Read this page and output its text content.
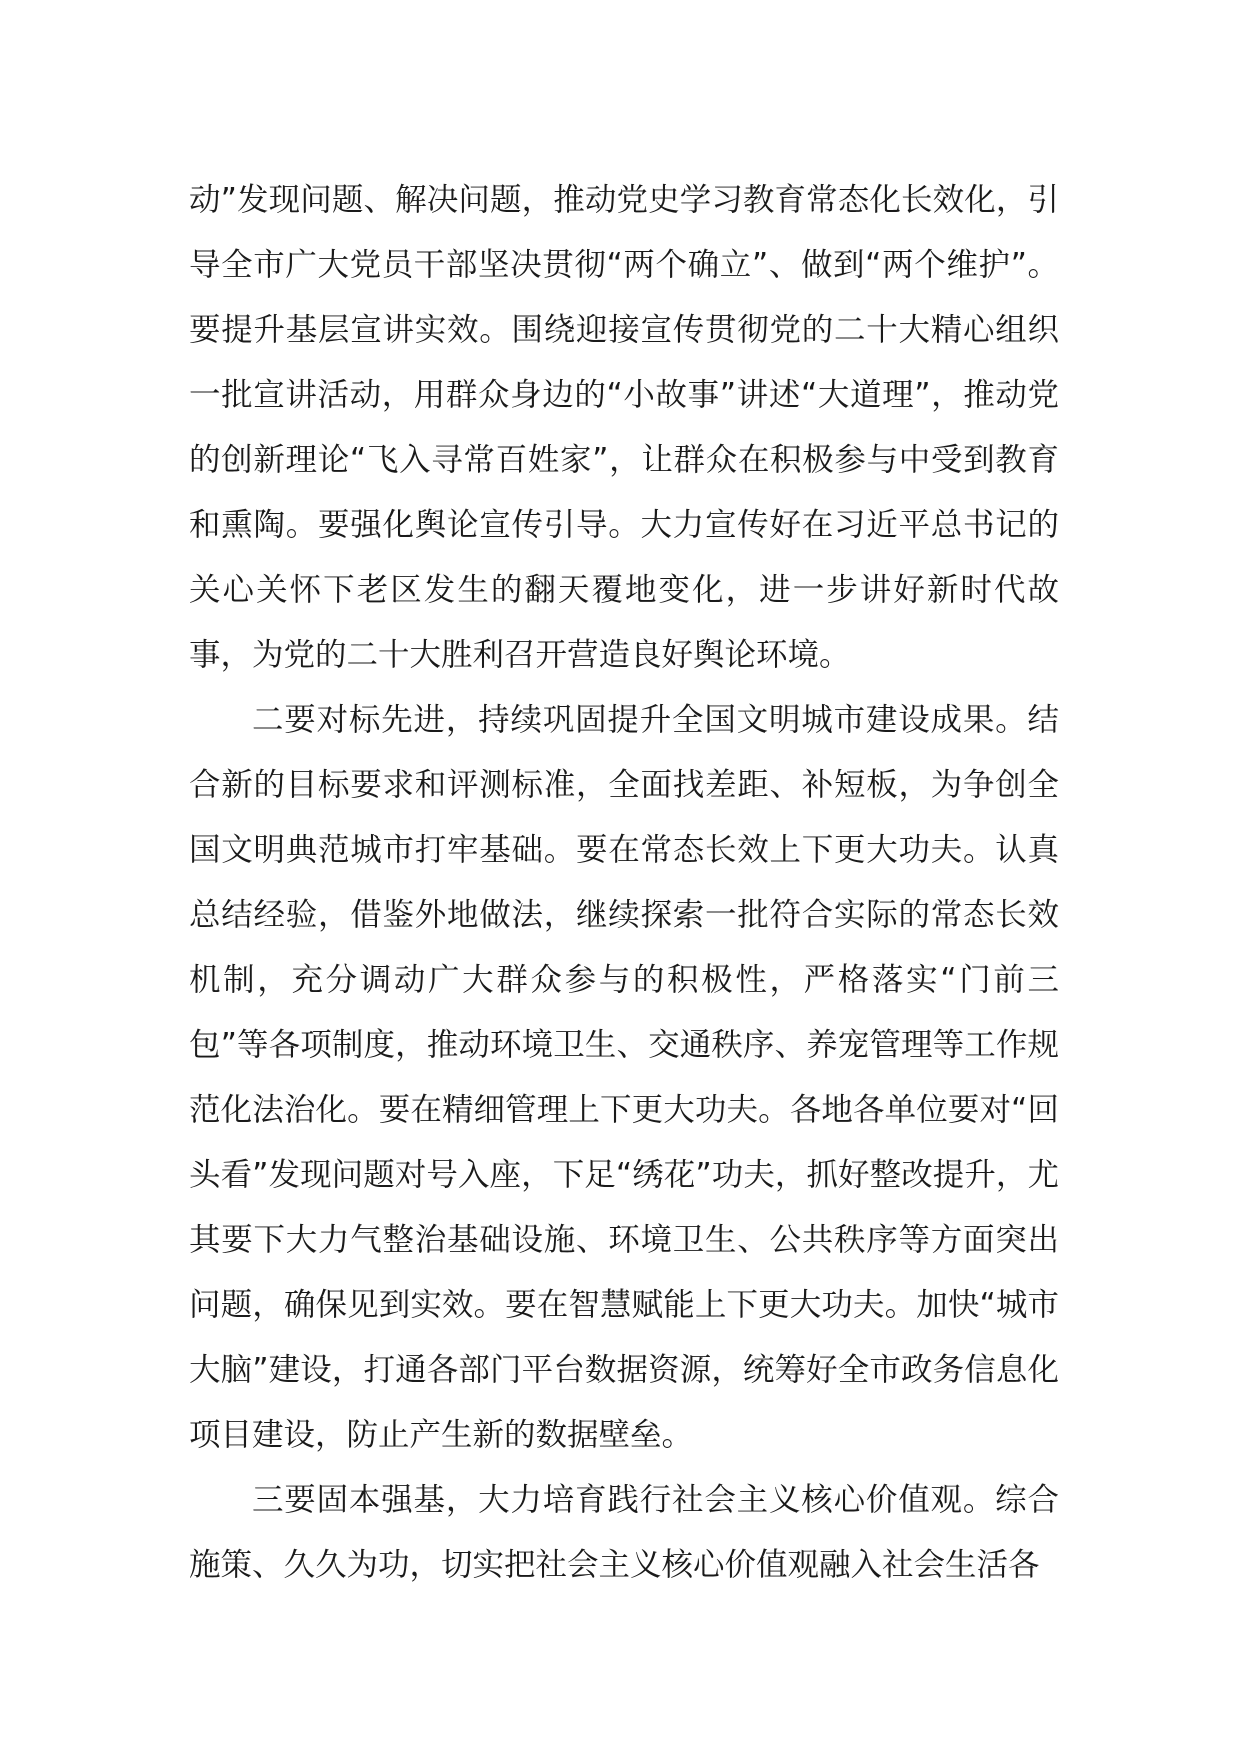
动”发现问题、解决问题，推动党史学习教育常态化长效化，引导全市广大党员干部坚决贯彻“两个确立”、做到“两个维护”。要提升基层宣讲实效。围绕迎接宣传贯彻党的二十大精心组织一批宣讲活动，用群众身边的“小故事”讲述“大道理”，推动党的创新理论“飞入寻常百姓家”，让群众在积极参与中受到教育和熏陶。要强化舆论宣传引导。大力宣传好在习近平总书记的关心关怀下老区发生的翻天覆地变化，进一步讲好新时代故事，为党的二十大胜利召开营造良好舆论环境。

二要对标先进，持续巩固提升全国文明城市建设成果。结合新的目标要求和评测标准，全面找差距、补短板，为争创全国文明典范城市打牢基础。要在常态长效上下更大功夫。认真总结经验，借鉴外地做法，继续探索一批符合实际的常态长效机制，充分调动广大群众参与的积极性，严格落实“门前三包”等各项制度，推动环境卫生、交通秩序、养宠管理等工作规范化法治化。要在精细管理上下更大功夫。各地各单位要对“回头看”发现问题对号入座，下足“绣花”功夫，抓好整改提升，尤其要下大力气整治基础设施、环境卫生、公共秩序等方面突出问题，确保见到实效。要在智慧赋能上下更大功夫。加快“城市大脑”建设，打通各部门平台数据资源，统筹好全市政务信息化项目建设，防止产生新的数据壁垒。

三要固本强基，大力培育践行社会主义核心价值观。综合施策、久久为功，切实把社会主义核心价值观融入社会生活各
